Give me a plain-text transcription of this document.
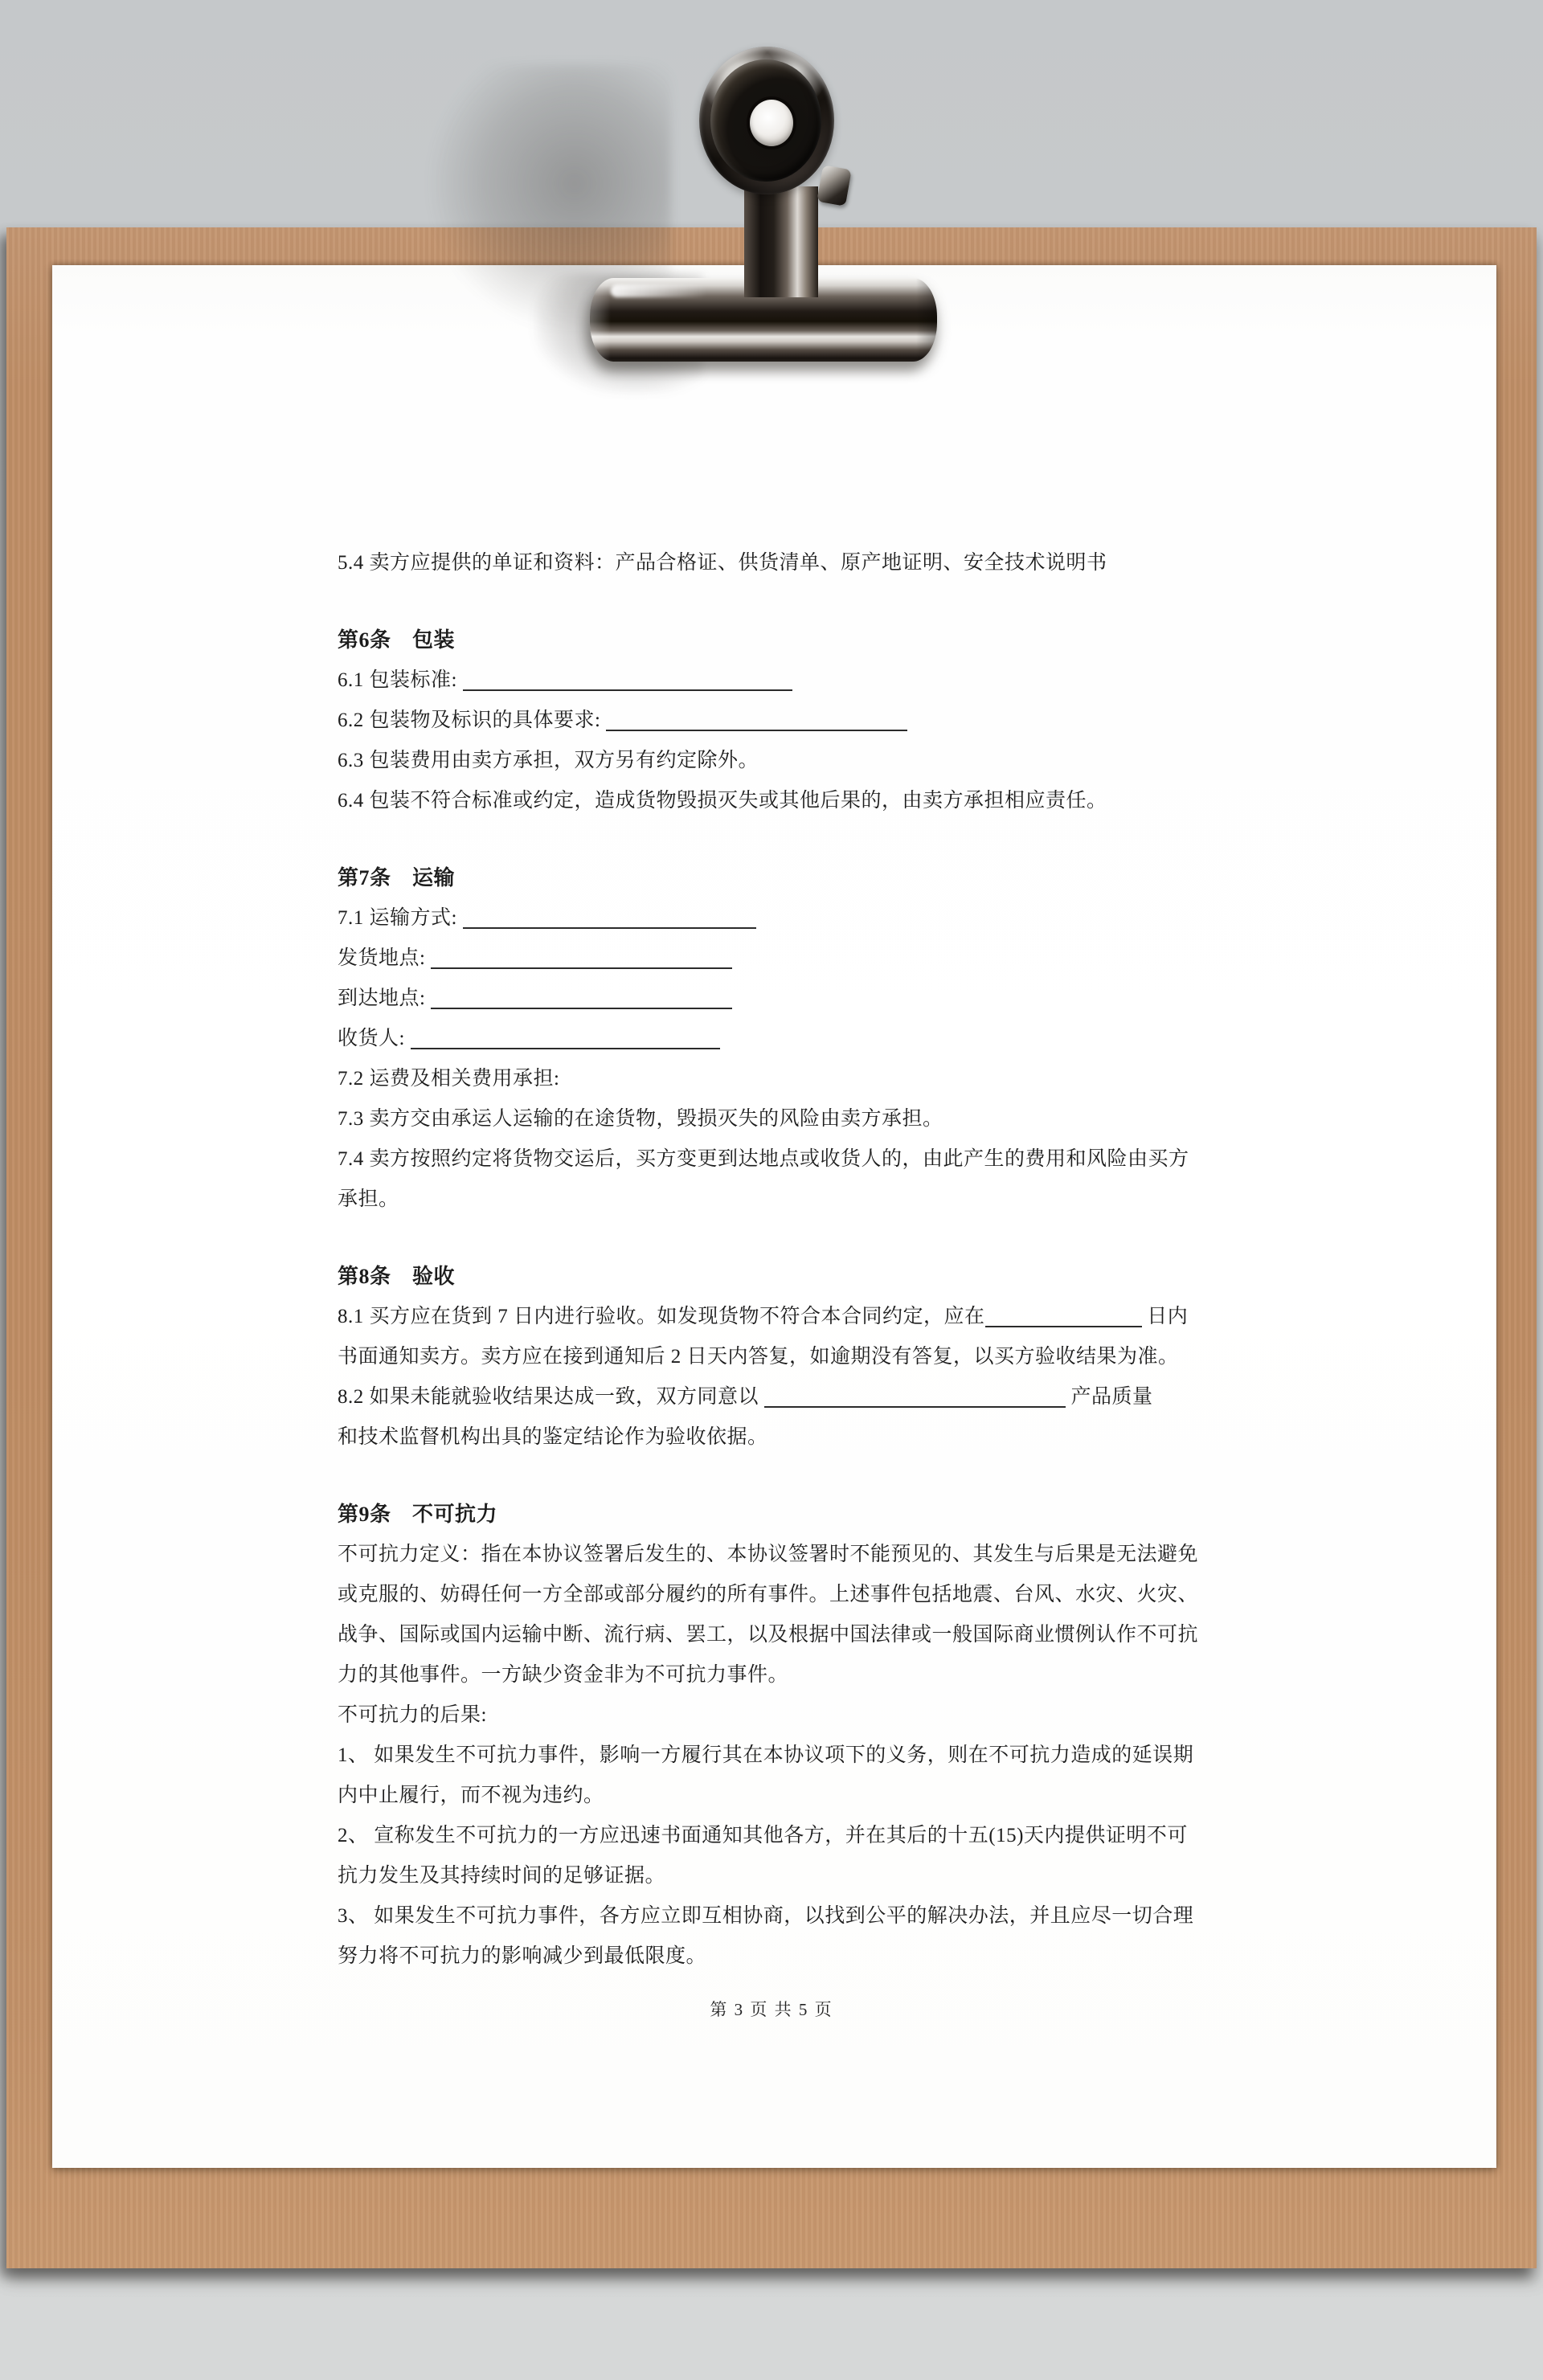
5.4 卖方应提供的单证和资料：产品合格证、供货清单、原产地证明、安全技术说明书
第6条　包装
6.1 包装标准:
6.2 包装物及标识的具体要求:
6.3 包装费用由卖方承担，双方另有约定除外。
6.4 包装不符合标准或约定，造成货物毁损灭失或其他后果的，由卖方承担相应责任。
第7条　运输
7.1 运输方式:
发货地点:
到达地点:
收货人:
7.2 运费及相关费用承担:
7.3 卖方交由承运人运输的在途货物，毁损灭失的风险由卖方承担。
7.4 卖方按照约定将货物交运后，买方变更到达地点或收货人的，由此产生的费用和风险由买方
承担。
第8条　验收
8.1 买方应在货到 7 日内进行验收。如发现货物不符合本合同约定，应在	日内
书面通知卖方。卖方应在接到通知后 2 日天内答复，如逾期没有答复，以买方验收结果为准。
8.2 如果未能就验收结果达成一致，双方同意以	产品质量
和技术监督机构出具的鉴定结论作为验收依据。
第9条　不可抗力
不可抗力定义：指在本协议签署后发生的、本协议签署时不能预见的、其发生与后果是无法避免
或克服的、妨碍任何一方全部或部分履约的所有事件。上述事件包括地震、台风、水灾、火灾、
战争、国际或国内运输中断、流行病、罢工，以及根据中国法律或一般国际商业惯例认作不可抗
力的其他事件。一方缺少资金非为不可抗力事件。
不可抗力的后果:
1、 如果发生不可抗力事件，影响一方履行其在本协议项下的义务，则在不可抗力造成的延误期
内中止履行，而不视为违约。
2、 宣称发生不可抗力的一方应迅速书面通知其他各方，并在其后的十五(15)天内提供证明不可
抗力发生及其持续时间的足够证据。
3、 如果发生不可抗力事件，各方应立即互相协商，以找到公平的解决办法，并且应尽一切合理
努力将不可抗力的影响减少到最低限度。
第 3 页 共 5 页
